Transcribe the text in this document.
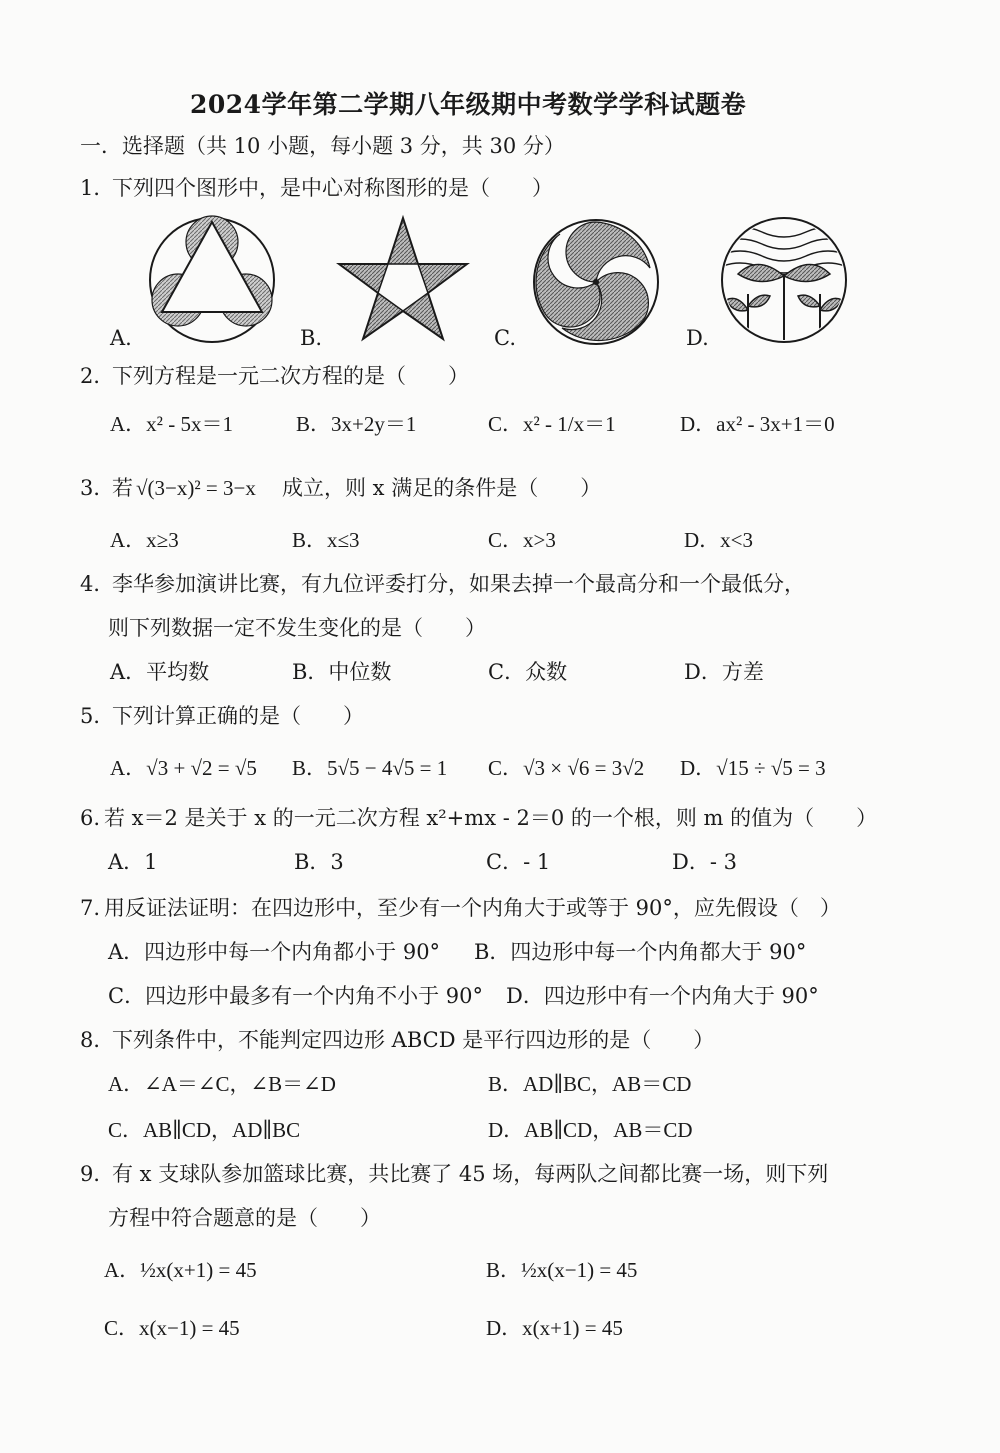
2024学年第二学期八年级期中考数学学科试题卷
一．选择题（共 10 小题，每小题 3 分，共 30 分）
1．
下列四个图形中，是中心对称图形的是（　　）
A.	B.	C.	D.
2．
下列方程是一元二次方程的是（　　）
A．x² - 5x＝1	B．3x+2y＝1	C．x² - 1/x＝1	D．ax² - 3x+1＝0
3．
若 √(3−x)² = 3−x 成立，则 x 满足的条件是（　　）
A．x≥3	B．x≤3	C．x>3	D．x<3
4．
李华参加演讲比赛，有九位评委打分，如果去掉一个最高分和一个最低分，
则下列数据一定不发生变化的是（　　）
A．平均数	B．中位数	C．众数	D．方差
5．
下列计算正确的是（　　）
A．√3 + √2 = √5 B．5√5 − 4√5 = 1 C．√3 × √6 = 3√2 D．√15 ÷ √5 = 3
6. 若 x＝2 是关于 x 的一元二次方程 x²+mx - 2＝0 的一个根，则 m 的值为（　　）
A．1	B．3	C．- 1	D．- 3
7. 用反证法证明：在四边形中，至少有一个内角大于或等于 90°，应先假设（　）
A．四边形中每一个内角都小于 90° B．四边形中每一个内角都大于 90°
C．四边形中最多有一个内角不小于 90° D．四边形中有一个内角大于 90°
8．
下列条件中，不能判定四边形 ABCD 是平行四边形的是（　　）
A．∠A＝∠C，∠B＝∠D	B．AD∥BC，AB＝CD
C．AB∥CD，AD∥BC	D．AB∥CD，AB＝CD
9．
有 x 支球队参加篮球比赛，共比赛了 45 场，每两队之间都比赛一场，则下列
方程中符合题意的是（　　）
A．½x(x+1) = 45	B．½x(x−1) = 45
C．x(x−1) = 45	D．x(x+1) = 45
